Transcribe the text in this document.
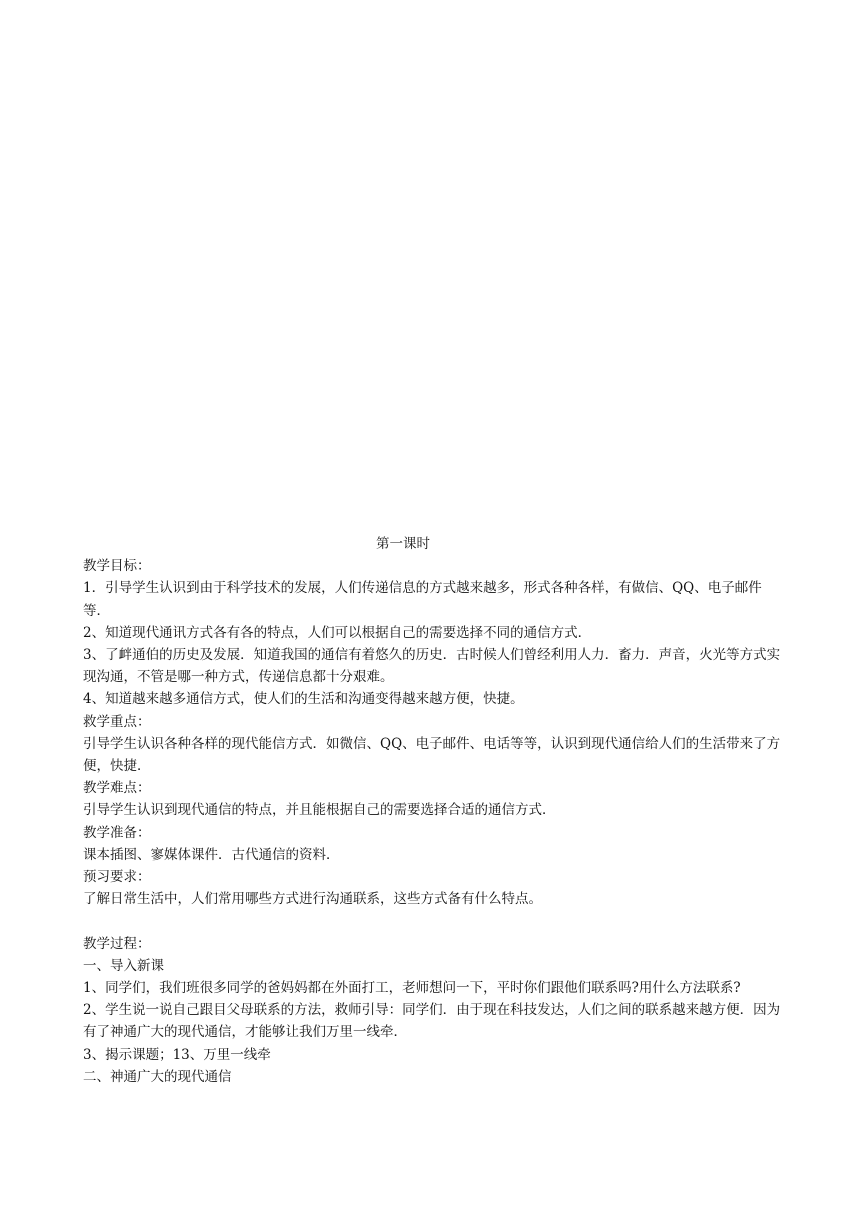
第一课时

教学目标：

1．引导学生认识到由于科学技术的发展，人们传递信息的方式越来越多，形式各种各样，有做信、QQ、电子邮件等．

2、知道现代通讯方式各有各的特点，人们可以根据自己的需要选择不同的通信方式．

3、了衅通伯的历史及发展．知道我国的通信有着悠久的历史．古时候人们曾经利用人力．畜力．声音，火光等方式实现沟通，不管是哪一种方式，传递信息都十分艰难。

4、知道越来越多通信方式，使人们的生活和沟通变得越来越方便，快捷。

救学重点：

引导学生认识各种各样的现代能信方式．如微信、QQ、电子邮件、电话等等，认识到现代通信给人们的生活带来了方便，快捷．

教学难点：

引导学生认识到现代通信的特点，并且能根据自己的需要选择合适的通信方式．

教学准备：

课本插图、寥媒体课件．古代通信的资料．

预习要求：

了解日常生活中，人们常用哪些方式进行沟通联系，这些方式备有什么特点。

教学过程：

一、导入新课

1、同学们，我们班很多同学的爸妈妈都在外面打工，老师想问一下，平时你们跟他们联系吗?用什么方法联系?

2、学生说一说自己跟目父母联系的方法，救师引导：同学们．由于现在科技发达，人们之间的联系越来越方便．因为有了神通广大的现代通信，才能够让我们万里一线牵．

3、揭示课题；13、万里一线牵

二、神通广大的现代通信
